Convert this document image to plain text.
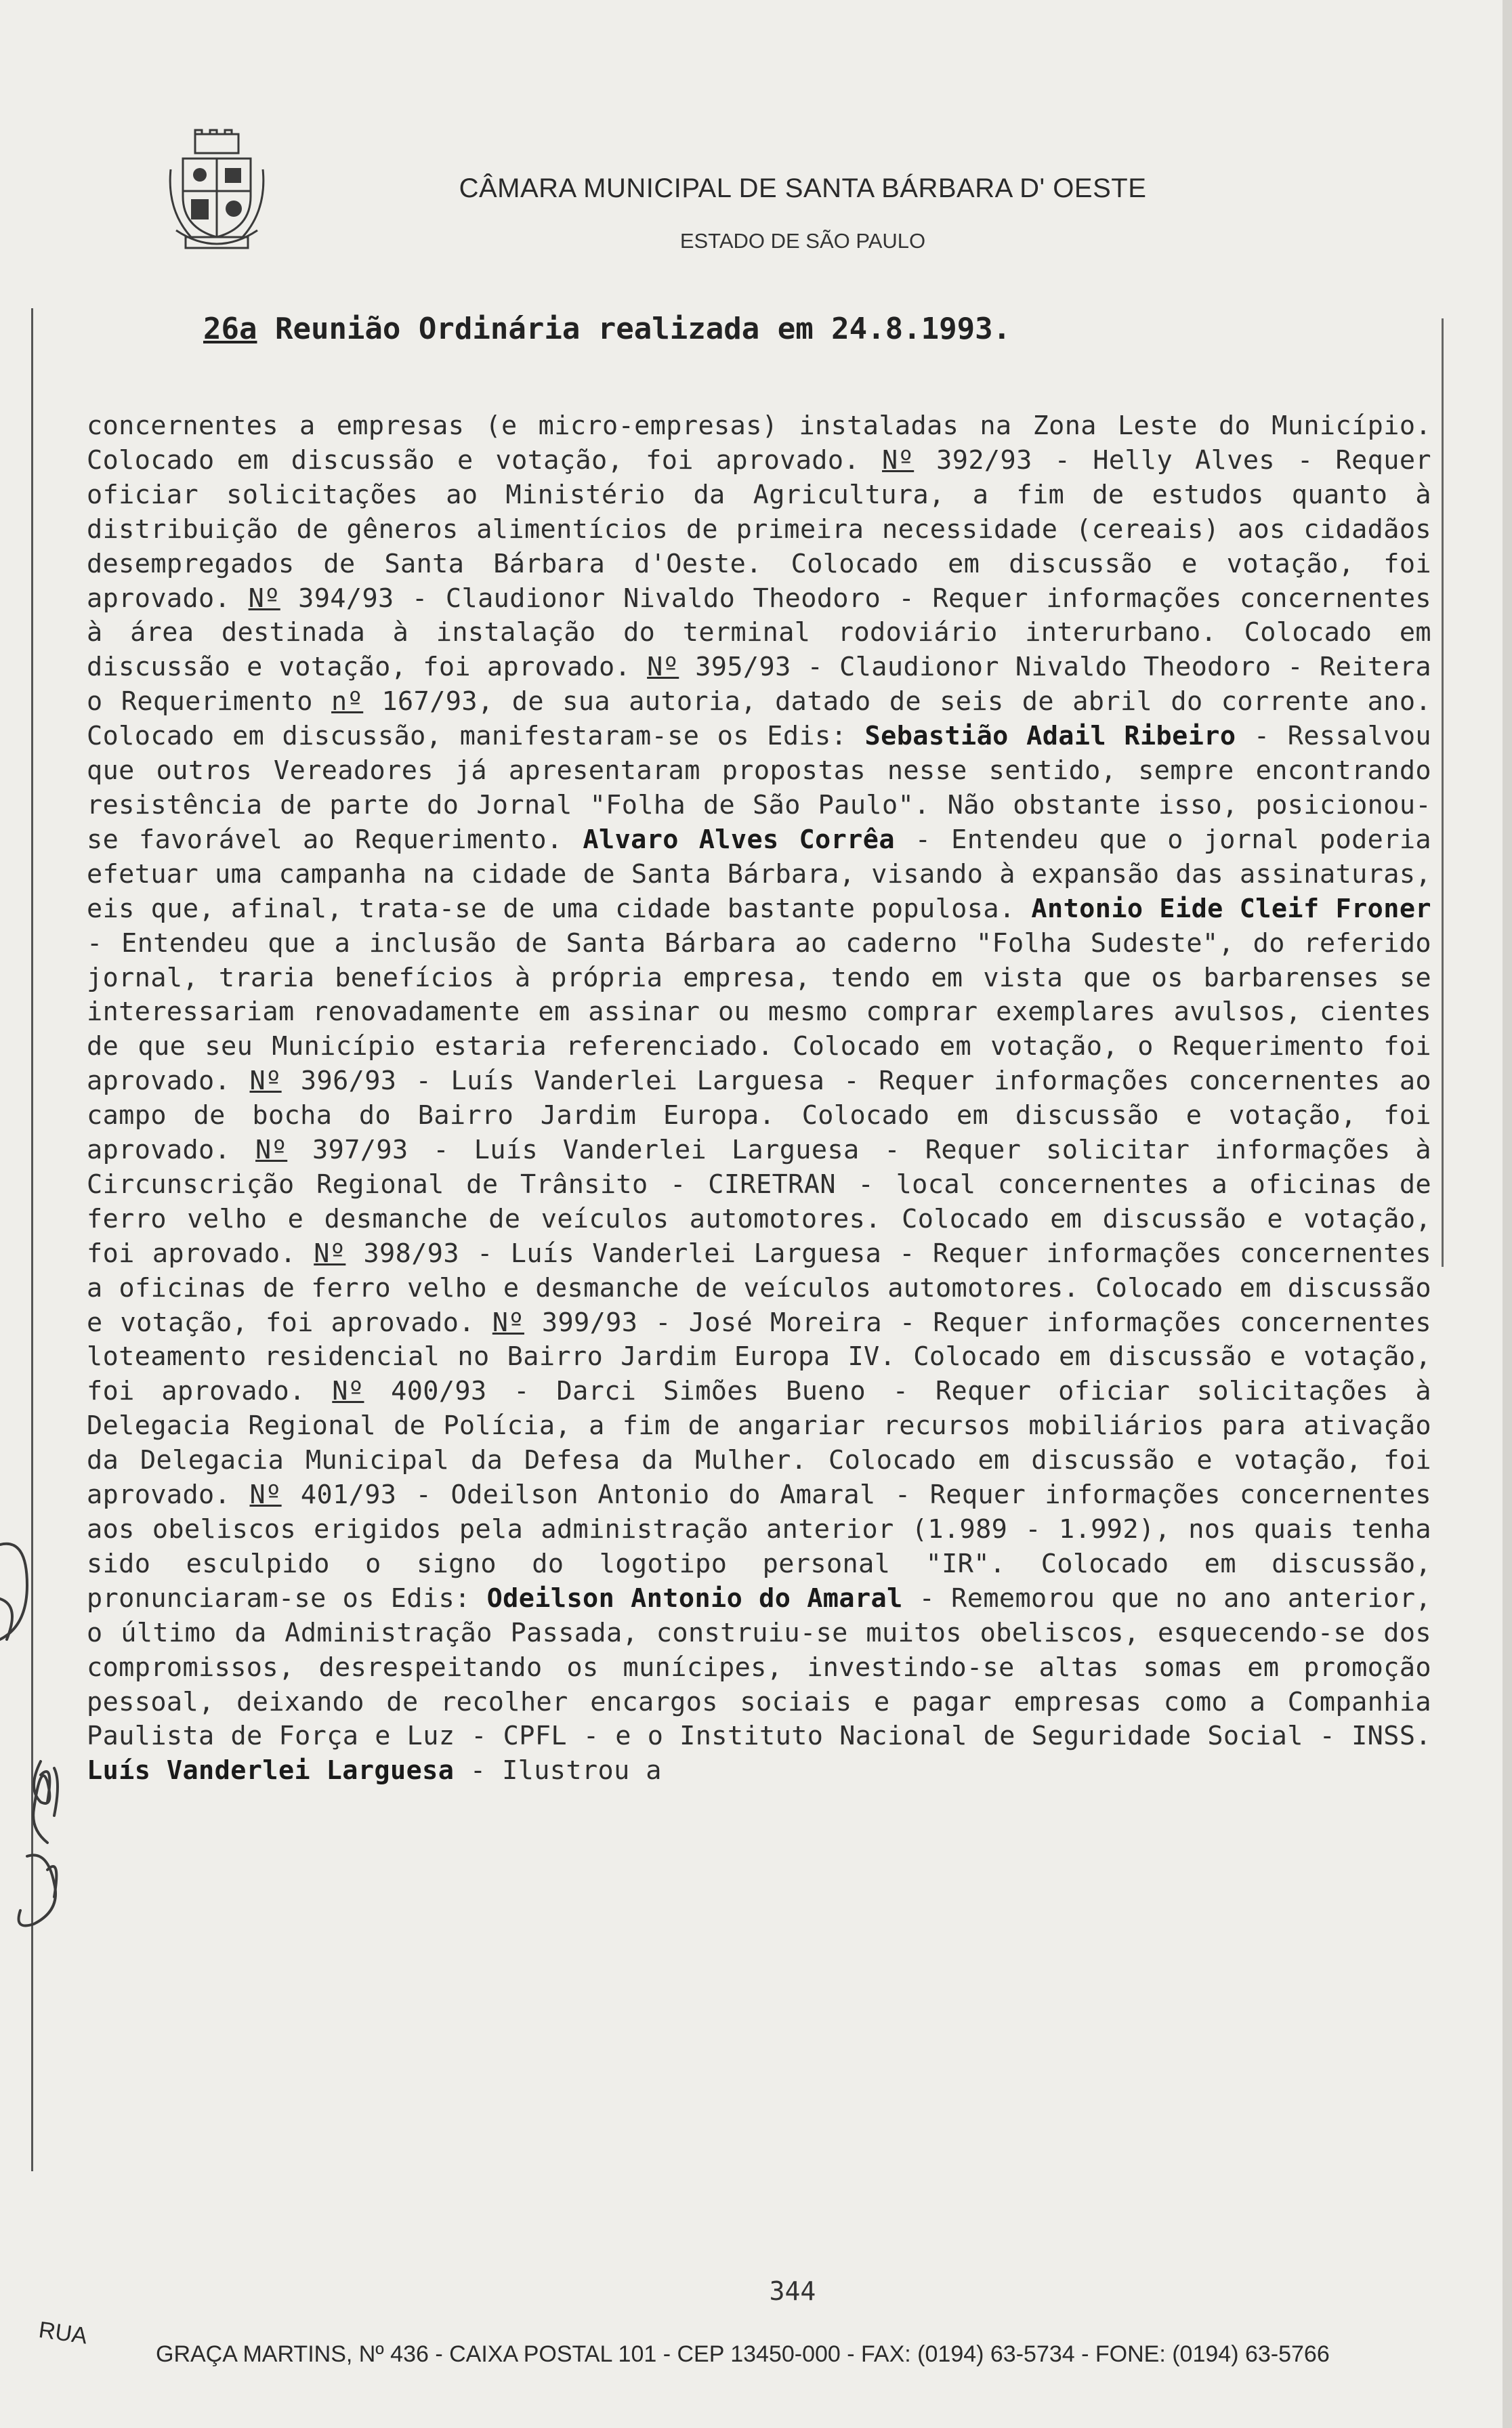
CÂMARA MUNICIPAL DE SANTA BÁRBARA D' OESTE
ESTADO DE SÃO PAULO
26a Reunião Ordinária realizada em 24.8.1993.
concernentes a empresas (e micro-empresas) instaladas na Zona Leste do Município. Colocado em discussão e votação, foi aprovado. Nº 392/93 - Helly Alves - Requer oficiar solicitações ao Ministério da Agricultura, a fim de estudos quanto à distribuição de gêneros alimentícios de primeira necessidade (cereais) aos cidadãos desempregados de Santa Bárbara d'Oeste. Colocado em discussão e votação, foi aprovado. Nº 394/93 - Claudionor Nivaldo Theodoro - Requer informações concernentes à área destinada à instalação do terminal rodoviário interurbano. Colocado em discussão e votação, foi aprovado. Nº 395/93 - Claudionor Nivaldo Theodoro - Reitera o Requerimento nº 167/93, de sua autoria, datado de seis de abril do corrente ano. Colocado em discussão, manifestaram-se os Edis: Sebastião Adail Ribeiro - Ressalvou que outros Vereadores já apresentaram propostas nesse sentido, sempre encontrando resistência de parte do Jornal "Folha de São Paulo". Não obstante isso, posicionou-se favorável ao Requerimento. Alvaro Alves Corrêa - Entendeu que o jornal poderia efetuar uma campanha na cidade de Santa Bárbara, visando à expansão das assinaturas, eis que, afinal, trata-se de uma cidade bastante populosa. Antonio Eide Cleif Froner - Entendeu que a inclusão de Santa Bárbara ao caderno "Folha Sudeste", do referido jornal, traria benefícios à própria empresa, tendo em vista que os barbarenses se interessariam renovadamente em assinar ou mesmo comprar exemplares avulsos, cientes de que seu Município estaria referenciado. Colocado em votação, o Requerimento foi aprovado. Nº 396/93 - Luís Vanderlei Larguesa - Requer informações concernentes ao campo de bocha do Bairro Jardim Europa. Colocado em discussão e votação, foi aprovado. Nº 397/93 - Luís Vanderlei Larguesa - Requer solicitar informações à Circunscrição Regional de Trânsito - CIRETRAN - local concernentes a oficinas de ferro velho e desmanche de veículos automotores. Colocado em discussão e votação, foi aprovado. Nº 398/93 - Luís Vanderlei Larguesa - Requer informações concernentes a oficinas de ferro velho e desmanche de veículos automotores. Colocado em discussão e votação, foi aprovado. Nº 399/93 - José Moreira - Requer informações concernentes loteamento residencial no Bairro Jardim Europa IV. Colocado em discussão e votação, foi aprovado. Nº 400/93 - Darci Simões Bueno - Requer oficiar solicitações à Delegacia Regional de Polícia, a fim de angariar recursos mobiliários para ativação da Delegacia Municipal da Defesa da Mulher. Colocado em discussão e votação, foi aprovado. Nº 401/93 - Odeilson Antonio do Amaral - Requer informações concernentes aos obeliscos erigidos pela administração anterior (1.989 - 1.992), nos quais tenha sido esculpido o signo do logotipo personal "IR". Colocado em discussão, pronunciaram-se os Edis: Odeilson Antonio do Amaral - Rememorou que no ano anterior, o último da Administração Passada, construiu-se muitos obeliscos, esquecendo-se dos compromissos, desrespeitando os munícipes, investindo-se altas somas em promoção pessoal, deixando de recolher encargos sociais e pagar empresas como a Companhia Paulista de Força e Luz - CPFL - e o Instituto Nacional de Seguridade Social - INSS. Luís Vanderlei Larguesa - Ilustrou a
344
RUA
GRAÇA MARTINS, Nº 436 - CAIXA POSTAL 101 - CEP 13450-000 - FAX: (0194) 63-5734 - FONE: (0194) 63-5766
